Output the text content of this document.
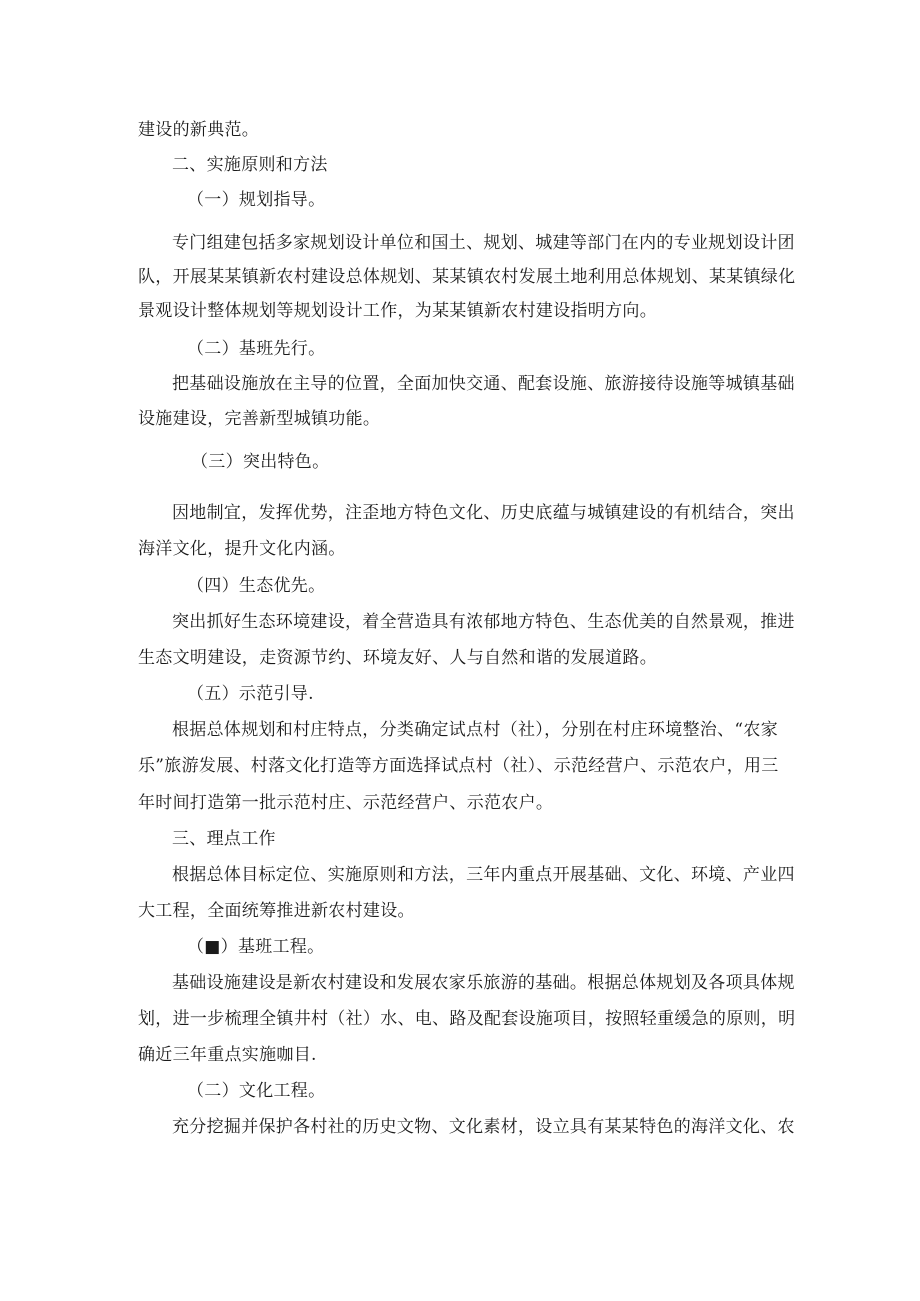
建设的新典范。
二、实施原则和方法
（一）规划指导。
专门组建包括多家规划设计单位和国土、规划、城建等部门在内的专业规划设计团
队，开展某某镇新农村建设总体规划、某某镇农村发展土地利用总体规划、某某镇绿化
景观设计整体规划等规划设计工作，为某某镇新农村建设指明方向。
（二）基班先行。
把基础设施放在主导的位置，全面加快交通、配套设施、旅游接待设施等城镇基础
设施建设，完善新型城镇功能。
（三）突出特色。
因地制宜，发挥优势，注歪地方特色文化、历史底蕴与城镇建设的有机结合，突出
海洋文化，提升文化内涵。
（四）生态优先。
突出抓好生态环境建设，着全营造具有浓郁地方特色、生态优美的自然景观，推进
生态文明建设，走资源节约、环境友好、人与自然和谐的发展道路。
（五）示范引导.
根据总体规划和村庄特点，分类确定试点村（社），分别在村庄环境整治、“农家
乐”旅游发展、村落文化打造等方面选择试点村（社）、示范经营户、示范农户，用三
年时间打造第一批示范村庄、示范经营户、示范农户。
三、理点工作
根据总体目标定位、实施原则和方法，三年内重点开展基础、文化、环境、产业四
大工程，全面统筹推进新农村建设。
（■）基班工程。
基础设施建设是新农村建设和发展农家乐旅游的基础。根据总体规划及各项具体规
划，进一步梳理全镇井村（社）水、电、路及配套设施项目，按照轻重缓急的原则，明
确近三年重点实施咖目.
（二）文化工程。
充分挖掘并保护各村社的历史文物、文化素材，设立具有某某特色的海洋文化、农
